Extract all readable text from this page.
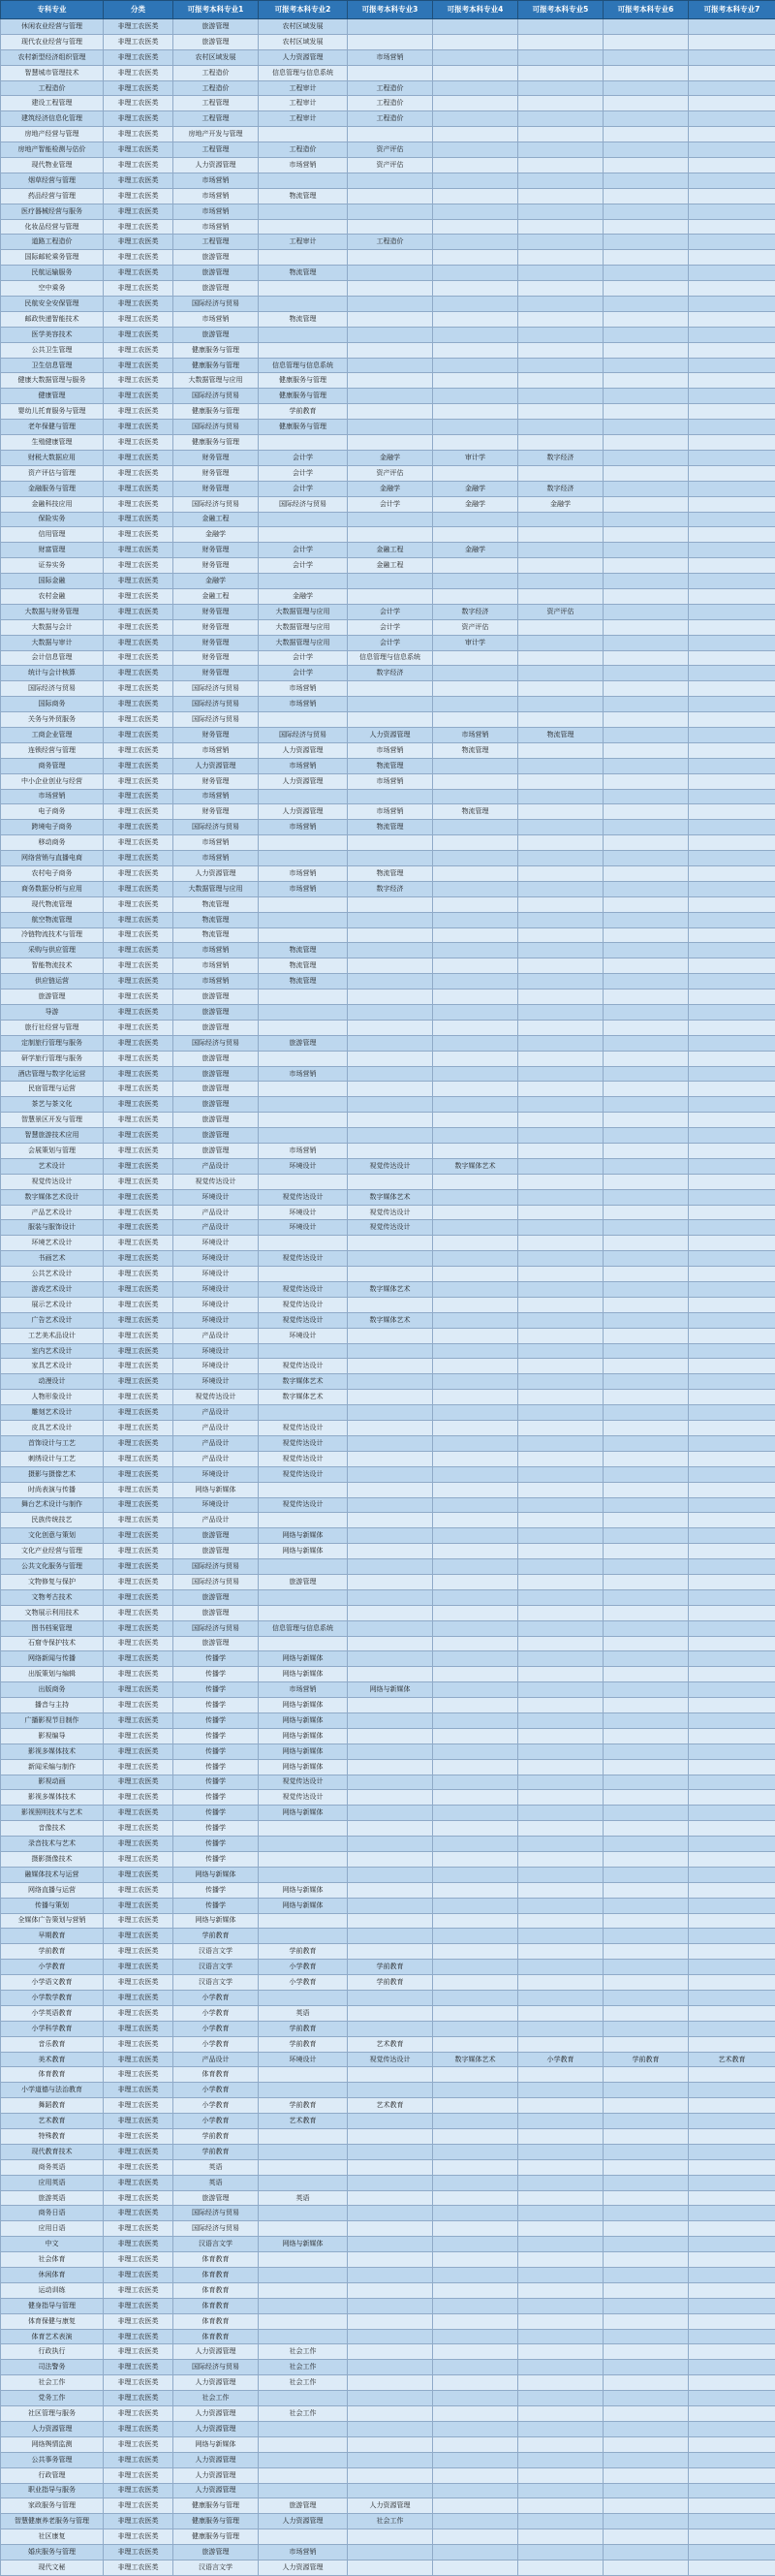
专科专业	分类	可报考本科专业1	可报考本科专业2	可报考本科专业3	可报考本科专业4	可报考本科专业5	可报考本科专业6	可报考本科专业7
休闲农业经营与管理	非理工农医类	旅游管理	农村区域发展					
现代农业经营与管理	非理工农医类	旅游管理	农村区域发展					
农村新型经济组织管理	非理工农医类	农村区域发展	人力资源管理	市场营销				
智慧城市管理技术	非理工农医类	工程造价	信息管理与信息系统					
工程造价	非理工农医类	工程造价	工程审计	工程造价				
建设工程管理	非理工农医类	工程管理	工程审计	工程造价				
建筑经济信息化管理	非理工农医类	工程管理	工程审计	工程造价				
房地产经营与管理	非理工农医类	房地产开发与管理						
房地产智能检测与估价	非理工农医类	工程管理	工程造价	资产评估				
现代物业管理	非理工农医类	人力资源管理	市场营销	资产评估				
烟草经营与管理	非理工农医类	市场营销						
药品经营与管理	非理工农医类	市场营销	物流管理					
医疗器械经营与服务	非理工农医类	市场营销						
化妆品经营与管理	非理工农医类	市场营销						
道路工程造价	非理工农医类	工程管理	工程审计	工程造价				
国际邮轮乘务管理	非理工农医类	旅游管理						
民航运输服务	非理工农医类	旅游管理	物流管理					
空中乘务	非理工农医类	旅游管理						
民航安全安保管理	非理工农医类	国际经济与贸易						
邮政快递智能技术	非理工农医类	市场营销	物流管理					
医学美容技术	非理工农医类	旅游管理						
公共卫生管理	非理工农医类	健康服务与管理						
卫生信息管理	非理工农医类	健康服务与管理	信息管理与信息系统					
健康大数据管理与服务	非理工农医类	大数据管理与应用	健康服务与管理					
健康管理	非理工农医类	国际经济与贸易	健康服务与管理					
婴幼儿托育服务与管理	非理工农医类	健康服务与管理	学前教育					
老年保健与管理	非理工农医类	国际经济与贸易	健康服务与管理					
生殖健康管理	非理工农医类	健康服务与管理						
财税大数据应用	非理工农医类	财务管理	会计学	金融学	审计学	数字经济		
资产评估与管理	非理工农医类	财务管理	会计学	资产评估				
金融服务与管理	非理工农医类	财务管理	会计学	金融学	金融学	数字经济		
金融科技应用	非理工农医类	国际经济与贸易	国际经济与贸易	会计学	金融学	金融学		
保险实务	非理工农医类	金融工程						
信用管理	非理工农医类	金融学						
财富管理	非理工农医类	财务管理	会计学	金融工程	金融学			
证券实务	非理工农医类	财务管理	会计学	金融工程				
国际金融	非理工农医类	金融学						
农村金融	非理工农医类	金融工程	金融学					
大数据与财务管理	非理工农医类	财务管理	大数据管理与应用	会计学	数字经济	资产评估		
大数据与会计	非理工农医类	财务管理	大数据管理与应用	会计学	资产评估			
大数据与审计	非理工农医类	财务管理	大数据管理与应用	会计学	审计学			
会计信息管理	非理工农医类	财务管理	会计学	信息管理与信息系统				
统计与会计核算	非理工农医类	财务管理	会计学	数字经济				
国际经济与贸易	非理工农医类	国际经济与贸易	市场营销					
国际商务	非理工农医类	国际经济与贸易	市场营销					
关务与外贸服务	非理工农医类	国际经济与贸易						
工商企业管理	非理工农医类	财务管理	国际经济与贸易	人力资源管理	市场营销	物流管理		
连锁经营与管理	非理工农医类	市场营销	人力资源管理	市场营销	物流管理			
商务管理	非理工农医类	人力资源管理	市场营销	物流管理				
中小企业创业与经营	非理工农医类	财务管理	人力资源管理	市场营销				
市场营销	非理工农医类	市场营销						
电子商务	非理工农医类	财务管理	人力资源管理	市场营销	物流管理			
跨境电子商务	非理工农医类	国际经济与贸易	市场营销	物流管理				
移动商务	非理工农医类	市场营销						
网络营销与直播电商	非理工农医类	市场营销						
农村电子商务	非理工农医类	人力资源管理	市场营销	物流管理				
商务数据分析与应用	非理工农医类	大数据管理与应用	市场营销	数字经济				
现代物流管理	非理工农医类	物流管理						
航空物流管理	非理工农医类	物流管理						
冷链物流技术与管理	非理工农医类	物流管理						
采购与供应管理	非理工农医类	市场营销	物流管理					
智能物流技术	非理工农医类	市场营销	物流管理					
供应链运营	非理工农医类	市场营销	物流管理					
旅游管理	非理工农医类	旅游管理						
导游	非理工农医类	旅游管理						
旅行社经营与管理	非理工农医类	旅游管理						
定制旅行管理与服务	非理工农医类	国际经济与贸易	旅游管理					
研学旅行管理与服务	非理工农医类	旅游管理						
酒店管理与数字化运营	非理工农医类	旅游管理	市场营销					
民宿管理与运营	非理工农医类	旅游管理						
茶艺与茶文化	非理工农医类	旅游管理						
智慧景区开发与管理	非理工农医类	旅游管理						
智慧旅游技术应用	非理工农医类	旅游管理						
会展策划与管理	非理工农医类	旅游管理	市场营销					
艺术设计	非理工农医类	产品设计	环境设计	视觉传达设计	数字媒体艺术			
视觉传达设计	非理工农医类	视觉传达设计						
数字媒体艺术设计	非理工农医类	环境设计	视觉传达设计	数字媒体艺术				
产品艺术设计	非理工农医类	产品设计	环境设计	视觉传达设计				
服装与服饰设计	非理工农医类	产品设计	环境设计	视觉传达设计				
环境艺术设计	非理工农医类	环境设计						
书画艺术	非理工农医类	环境设计	视觉传达设计					
公共艺术设计	非理工农医类	环境设计						
游戏艺术设计	非理工农医类	环境设计	视觉传达设计	数字媒体艺术				
展示艺术设计	非理工农医类	环境设计	视觉传达设计					
广告艺术设计	非理工农医类	环境设计	视觉传达设计	数字媒体艺术				
工艺美术品设计	非理工农医类	产品设计	环境设计					
室内艺术设计	非理工农医类	环境设计						
家具艺术设计	非理工农医类	环境设计	视觉传达设计					
动漫设计	非理工农医类	环境设计	数字媒体艺术					
人物形象设计	非理工农医类	视觉传达设计	数字媒体艺术					
雕刻艺术设计	非理工农医类	产品设计						
皮具艺术设计	非理工农医类	产品设计	视觉传达设计					
首饰设计与工艺	非理工农医类	产品设计	视觉传达设计					
刺绣设计与工艺	非理工农医类	产品设计	视觉传达设计					
摄影与摄像艺术	非理工农医类	环境设计	视觉传达设计					
时尚表演与传播	非理工农医类	网络与新媒体						
舞台艺术设计与制作	非理工农医类	环境设计	视觉传达设计					
民族传统技艺	非理工农医类	产品设计						
文化创意与策划	非理工农医类	旅游管理	网络与新媒体					
文化产业经营与管理	非理工农医类	旅游管理	网络与新媒体					
公共文化服务与管理	非理工农医类	国际经济与贸易						
文物修复与保护	非理工农医类	国际经济与贸易	旅游管理					
文物考古技术	非理工农医类	旅游管理						
文物展示利用技术	非理工农医类	旅游管理						
图书档案管理	非理工农医类	国际经济与贸易	信息管理与信息系统					
石窟寺保护技术	非理工农医类	旅游管理						
网络新闻与传播	非理工农医类	传播学	网络与新媒体					
出版策划与编辑	非理工农医类	传播学	网络与新媒体					
出版商务	非理工农医类	传播学	市场营销	网络与新媒体				
播音与主持	非理工农医类	传播学	网络与新媒体					
广播影视节目制作	非理工农医类	传播学	网络与新媒体					
影视编导	非理工农医类	传播学	网络与新媒体					
影视多媒体技术	非理工农医类	传播学	网络与新媒体					
新闻采编与制作	非理工农医类	传播学	网络与新媒体					
影视动画	非理工农医类	传播学	视觉传达设计					
影视多媒体技术	非理工农医类	传播学	视觉传达设计					
影视照明技术与艺术	非理工农医类	传播学	网络与新媒体					
音像技术	非理工农医类	传播学						
录音技术与艺术	非理工农医类	传播学						
摄影摄像技术	非理工农医类	传播学						
融媒体技术与运营	非理工农医类	网络与新媒体						
网络直播与运营	非理工农医类	传播学	网络与新媒体					
传播与策划	非理工农医类	传播学	网络与新媒体					
全媒体广告策划与营销	非理工农医类	网络与新媒体						
早期教育	非理工农医类	学前教育						
学前教育	非理工农医类	汉语言文学	学前教育					
小学教育	非理工农医类	汉语言文学	小学教育	学前教育				
小学语文教育	非理工农医类	汉语言文学	小学教育	学前教育				
小学数学教育	非理工农医类	小学教育						
小学英语教育	非理工农医类	小学教育	英语					
小学科学教育	非理工农医类	小学教育	学前教育					
音乐教育	非理工农医类	小学教育	学前教育	艺术教育				
美术教育	非理工农医类	产品设计	环境设计	视觉传达设计	数字媒体艺术	小学教育	学前教育	艺术教育
体育教育	非理工农医类	体育教育						
小学道德与法治教育	非理工农医类	小学教育						
舞蹈教育	非理工农医类	小学教育	学前教育	艺术教育				
艺术教育	非理工农医类	小学教育	艺术教育					
特殊教育	非理工农医类	学前教育						
现代教育技术	非理工农医类	学前教育						
商务英语	非理工农医类	英语						
应用英语	非理工农医类	英语						
旅游英语	非理工农医类	旅游管理	英语					
商务日语	非理工农医类	国际经济与贸易						
应用日语	非理工农医类	国际经济与贸易						
中文	非理工农医类	汉语言文学	网络与新媒体					
社会体育	非理工农医类	体育教育						
休闲体育	非理工农医类	体育教育						
运动训练	非理工农医类	体育教育						
健身指导与管理	非理工农医类	体育教育						
体育保健与康复	非理工农医类	体育教育						
体育艺术表演	非理工农医类	体育教育						
行政执行	非理工农医类	人力资源管理	社会工作					
司法警务	非理工农医类	国际经济与贸易	社会工作					
社会工作	非理工农医类	人力资源管理	社会工作					
党务工作	非理工农医类	社会工作						
社区管理与服务	非理工农医类	人力资源管理	社会工作					
人力资源管理	非理工农医类	人力资源管理						
网络舆情监测	非理工农医类	网络与新媒体						
公共事务管理	非理工农医类	人力资源管理						
行政管理	非理工农医类	人力资源管理						
职业指导与服务	非理工农医类	人力资源管理						
家政服务与管理	非理工农医类	健康服务与管理	旅游管理	人力资源管理				
智慧健康养老服务与管理	非理工农医类	健康服务与管理	人力资源管理	社会工作				
社区康复	非理工农医类	健康服务与管理						
婚庆服务与管理	非理工农医类	旅游管理	市场营销					
现代文秘	非理工农医类	汉语言文学	人力资源管理					
